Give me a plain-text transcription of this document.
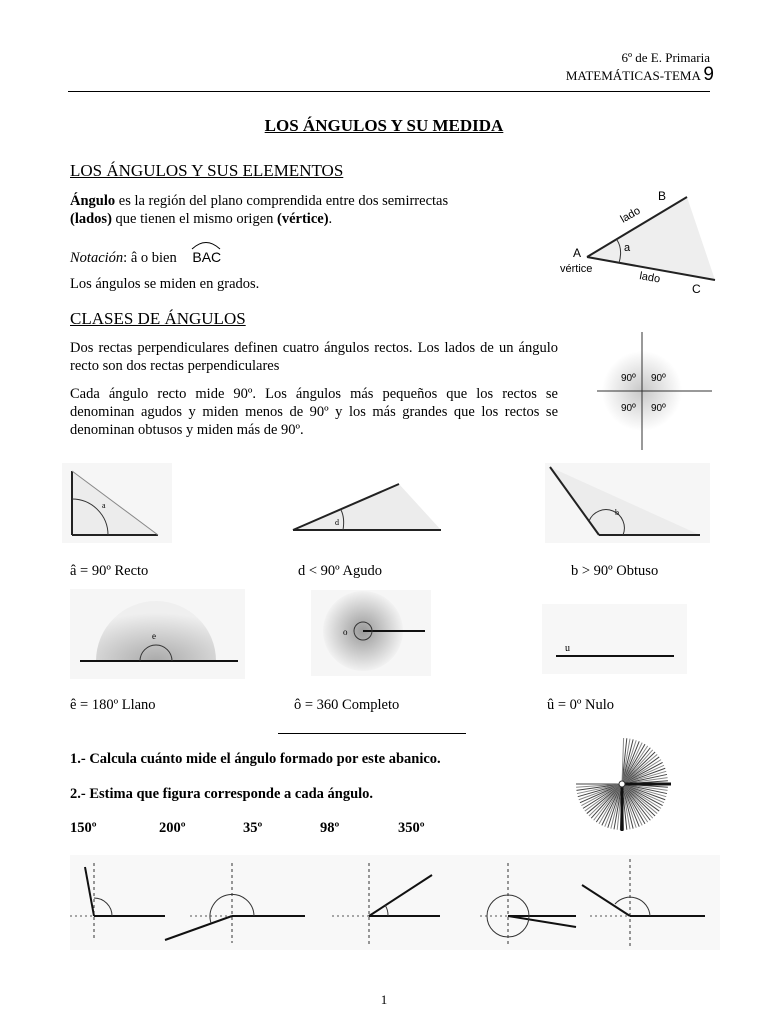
6º de E. Primaria
MATEMÁTICAS-TEMA 9
LOS ÁNGULOS Y SU MEDIDA
LOS ÁNGULOS Y SUS ELEMENTOS
Ángulo es la región del plano comprendida entre dos semirrectas
(lados) que tienen el mismo origen (vértice).
Notación: â o bien BAC
Los ángulos se miden en grados.
B
A
C
lado
lado
a
vértice
CLASES DE ÁNGULOS
Dos rectas perpendiculares definen cuatro ángulos rectos. Los lados de un ángulo recto son dos rectas perpendiculares
Cada ángulo recto mide 90º. Los ángulos más pequeños que los rectos se denominan agudos y miden menos de 90º y los más grandes que los rectos se denominan obtusos y miden más de 90º.
90º 90º
90º 90º
a
d
b
â = 90º Recto	d < 90º Agudo	b > 90º Obtuso
e	o
u
ê = 180º Llano	ô = 360 Completo	û = 0º Nulo
1.- Calcula cuánto mide el ángulo formado por este abanico.
2.- Estima que figura corresponde a cada ángulo.
150º	200º	35º	98º	350º
1
